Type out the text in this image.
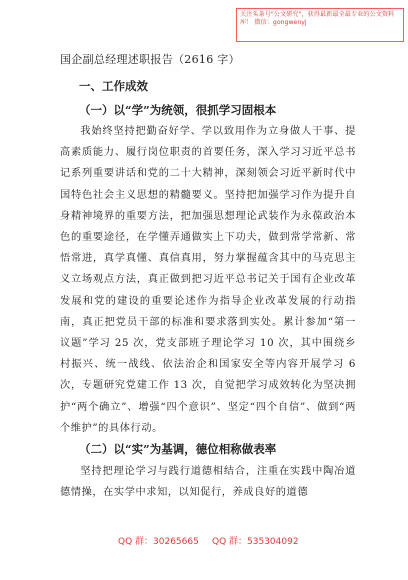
关注头条号"公文研究"，获得最新最全最专业的公文资料库！ 微信：gongwenyj
国企副总经理述职报告（2616 字）
一、工作成效
（一）以“学”为统领，很抓学习固根本

我始终坚持把勤奋好学、学以致用作为立身做人干事、提高素质能力、履行岗位职责的首要任务，深入学习习近平总书记系列重要讲话和党的二十大精神，深刻领会习近平新时代中国特色社会主义思想的精髓要义。坚持把加强学习作为提升自身精神境界的重要方法，把加强思想理论武装作为永葆政治本色的重要途径，在学懂弄通做实上下功夫，做到常学常新、常悟常进，真学真懂、真信真用，努力掌握蕴含其中的马克思主义立场观点方法，真正做到把习近平总书记关于国有企业改革发展和党的建设的重要论述作为指导企业改革发展的行动指南，真正把党员干部的标准和要求落到实处。累计参加“第一议题”学习 25 次，党支部班子理论学习 10 次，其中围绕乡村振兴、统一战线、依法治企和国家安全等内容开展学习 6 次，专题研究党建工作 13 次，自觉把学习成效转化为坚决拥护“两个确立”、增强“四个意识”、坚定“四个自信”、做到“两个维护”的具体行动。

（二）以“实”为基调，德位相称做表率

坚持把理论学习与践行道德相结合，注重在实践中陶冶道德情操，在实学中求知，以知促行，养成良好的道德

QQ 群：30265665 QQ 群：535304092
